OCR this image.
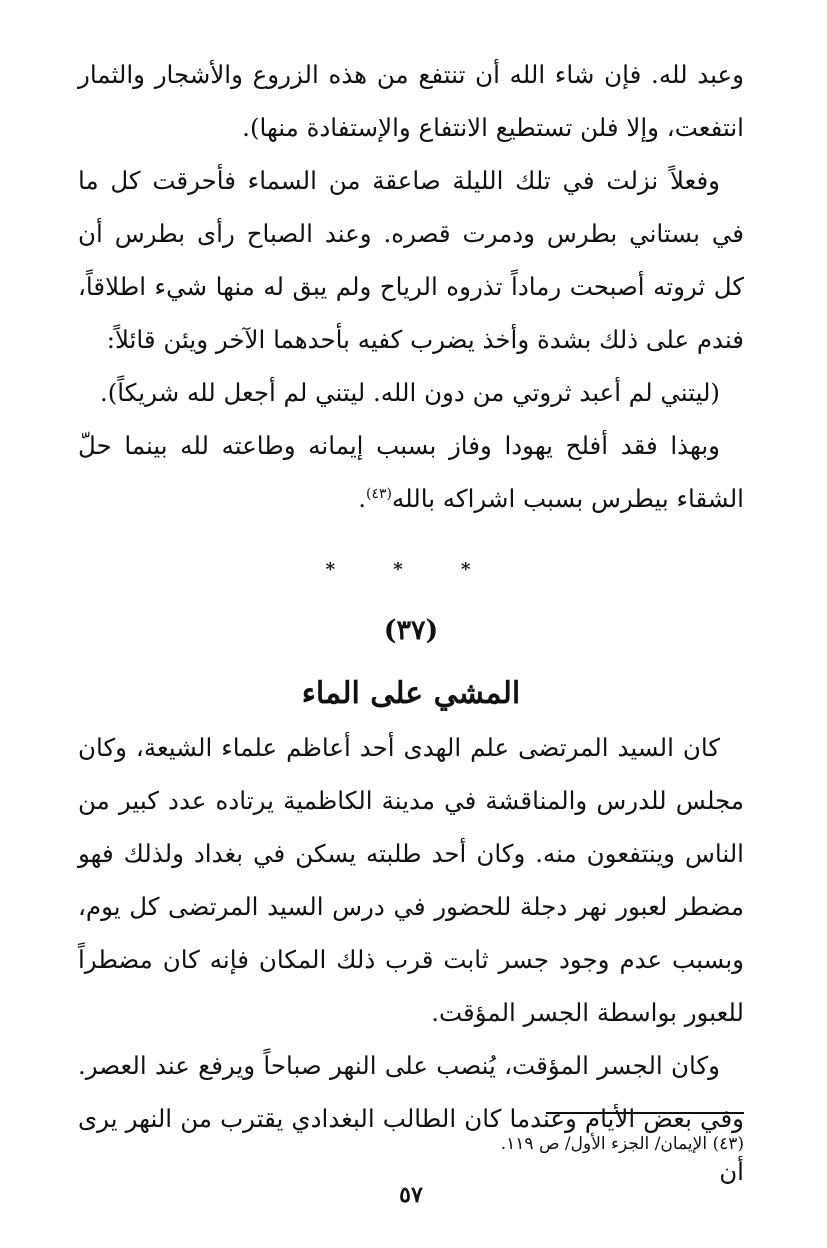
وعبد لله. فإن شاء الله أن تنتفع من هذه الزروع والأشجار والثمار انتفعت، وإلا فلن تستطيع الانتفاع والإستفادة منها).

وفعلاً نزلت في تلك الليلة صاعقة من السماء فأحرقت كل ما في بستاني بطرس ودمرت قصره. وعند الصباح رأى بطرس أن كل ثروته أصبحت رماداً تذروه الرياح ولم يبق له منها شيء اطلاقاً، فندم على ذلك بشدة وأخذ يضرب كفيه بأحدهما الآخر ويئن قائلاً:

(ليتني لم أعبد ثروتي من دون الله. ليتني لم أجعل لله شريكاً).

وبهذا فقد أفلح يهودا وفاز بسبب إيمانه وطاعته لله بينما حلّ الشقاء بيطرس بسبب اشراكه بالله$^{(٤٣)}$.

* * *
(٣٧)
المشي على الماء

كان السيد المرتضى علم الهدى أحد أعاظم علماء الشيعة، وكان مجلس للدرس والمناقشة في مدينة الكاظمية يرتاده عدد كبير من الناس وينتفعون منه. وكان أحد طلبته يسكن في بغداد ولذلك فهو مضطر لعبور نهر دجلة للحضور في درس السيد المرتضى كل يوم، وبسبب عدم وجود جسر ثابت قرب ذلك المكان فإنه كان مضطراً للعبور بواسطة الجسر المؤقت.

وكان الجسر المؤقت، يُنصب على النهر صباحاً ويرفع عند العصر. وفي بعض الأيام وعندما كان الطالب البغدادي يقترب من النهر يرى أن

(٤٣) الإيمان/ الجزء الأول/ ص ١١٩.
٥٧
